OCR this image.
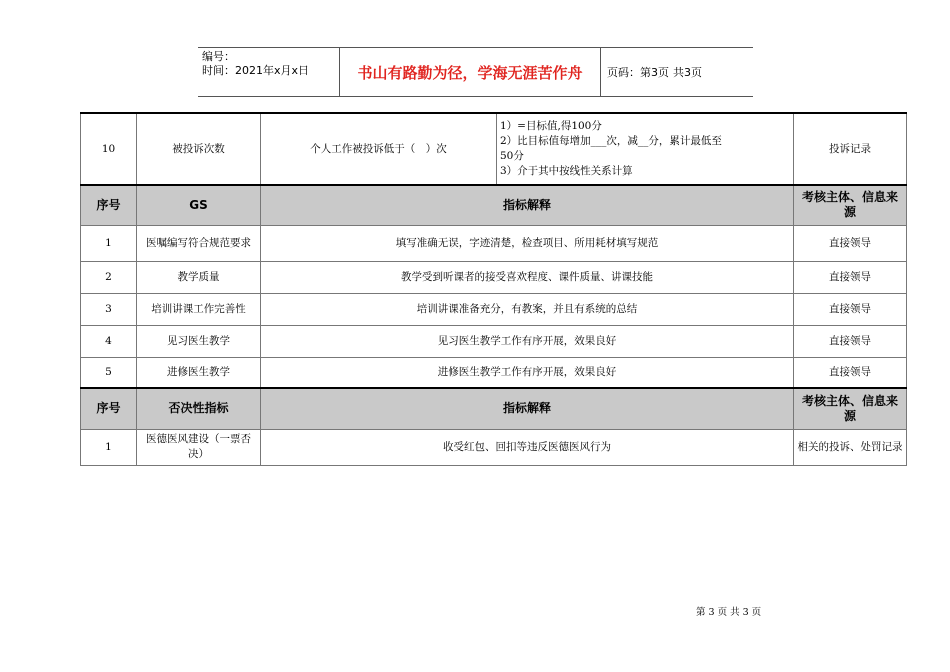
编号：
时间：2021年x月x日	书山有路勤为径，学海无涯苦作舟	页码：第3页 共3页
10	被投诉次数	个人工作被投诉低于（　）次	1）=目标值,得100分
2）比目标值每增加___次，减__分，累计最低至
50分
3）介于其中按线性关系计算	投诉记录
序号	GS	指标解释		考核主体、信息来源
1	医嘱编写符合规范要求	填写准确无误，字迹清楚，检查项目、所用耗材填写规范		直接领导
2	教学质量	教学受到听课者的接受喜欢程度、课件质量、讲课技能		直接领导
3	培训讲课工作完善性	培训讲课准备充分，有教案，并且有系统的总结		直接领导
4	见习医生教学	见习医生教学工作有序开展，效果良好		直接领导
5	进修医生教学	进修医生教学工作有序开展，效果良好		直接领导
序号	否决性指标	指标解释		考核主体、信息来源
1	医德医风建设（一票否决）	收受红包、回扣等违反医德医风行为		相关的投诉、处罚记录
第 3 页 共 3 页
